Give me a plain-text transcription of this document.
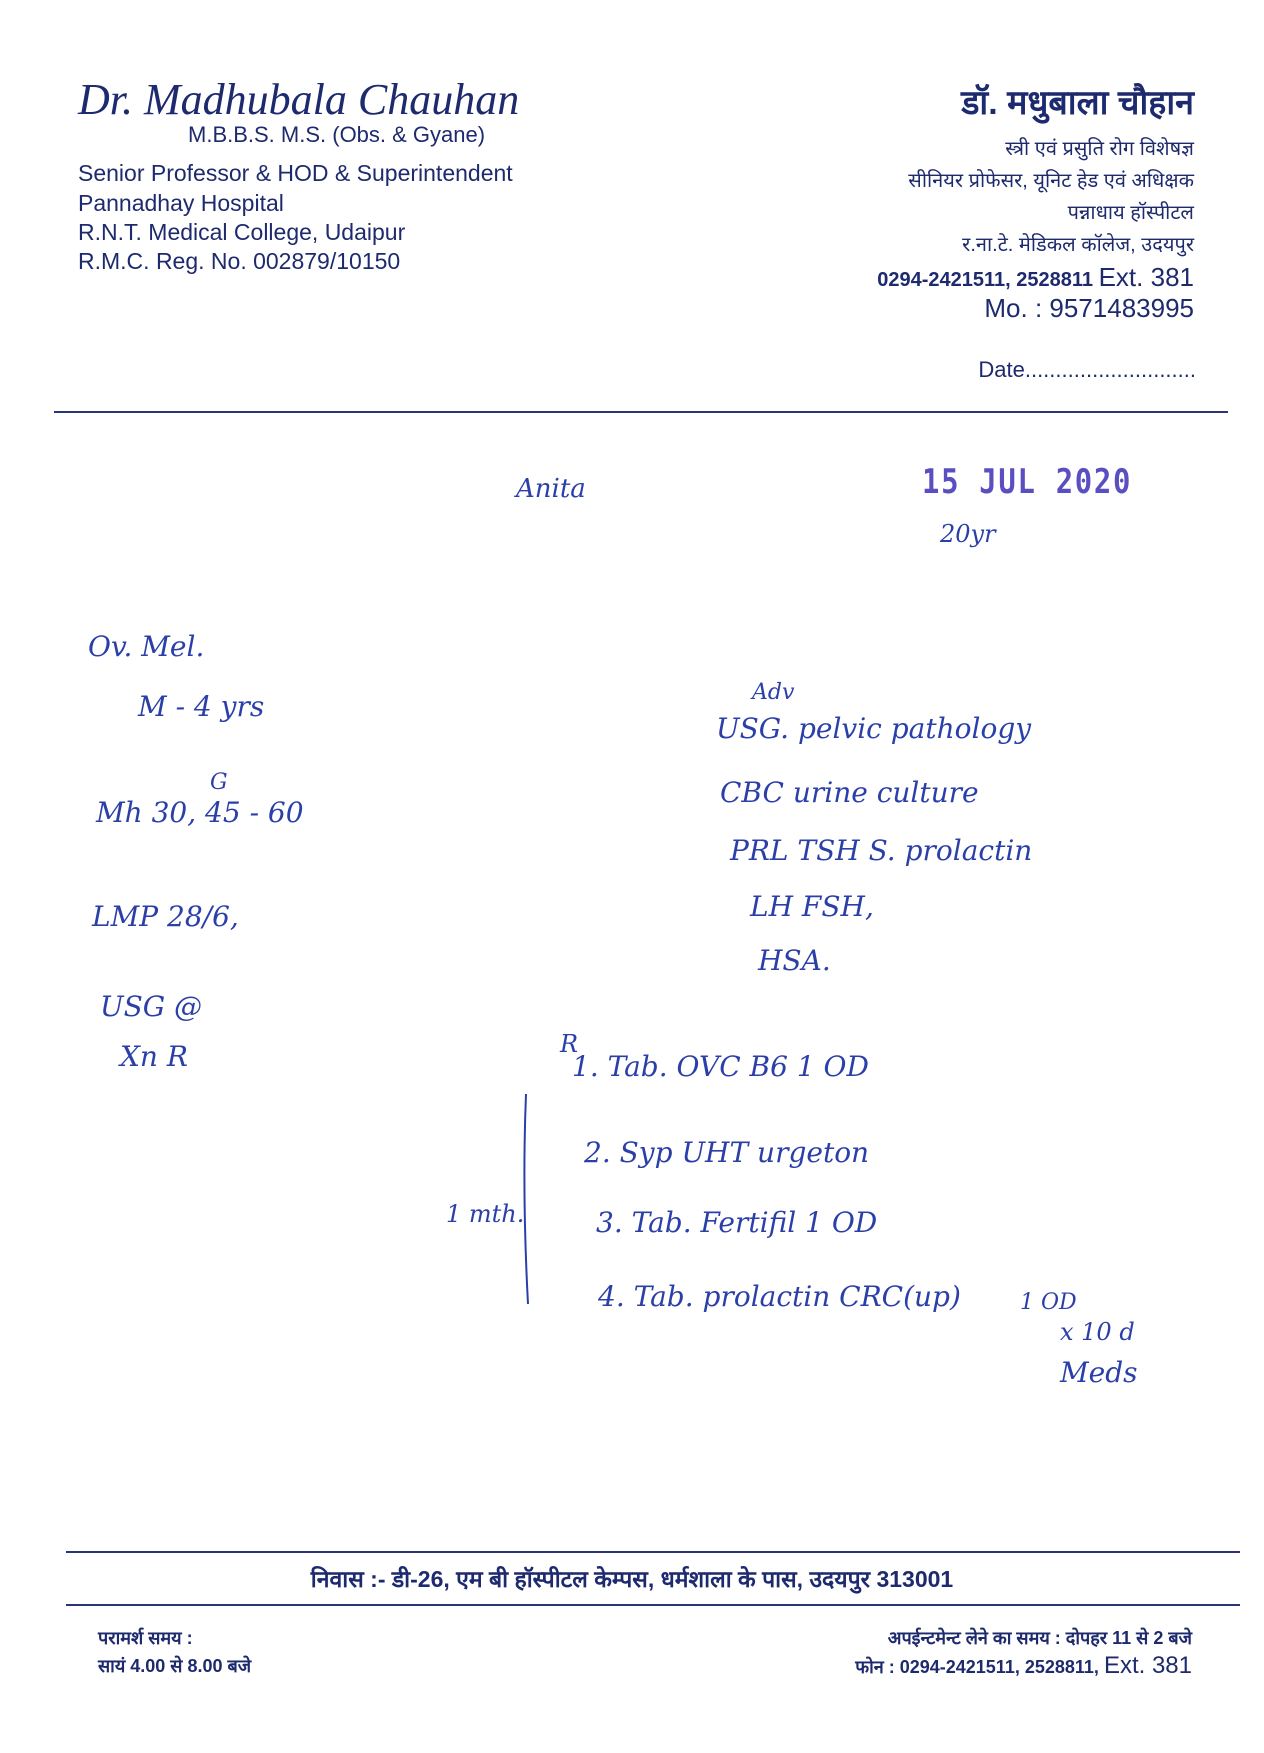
Dr. Madhubala Chauhan
M.B.B.S. M.S. (Obs. & Gyane)
Senior Professor & HOD & Superintendent
Pannadhay Hospital
R.N.T. Medical College, Udaipur
R.M.C. Reg. No. 002879/10150
डॉ. मधुबाला चौहान
स्त्री एवं प्रसुति रोग विशेषज्ञ
सीनियर प्रोफेसर, यूनिट हेड एवं अधिक्षक
पन्नाधाय हॉस्पीटल
र.ना.टे. मेडिकल कॉलेज, उदयपुर
0294-2421511, 2528811 Ext. 381
Mo. : 9571483995
Date............................
15 JUL 2020
Anita
20yr
Ov. Mel.
M - 4 yrs
G
Mh 30, 45 - 60
LMP 28/6,
USG @
Xn R
Adv
USG. pelvic pathology
CBC urine culture
PRL TSH S. prolactin
LH FSH,
HSA.
R
1. Tab. OVC B6 1 OD
2. Syp UHT urgeton
3. Tab. Fertifil 1 OD
4. Tab. prolactin CRC(up)	1 OD
x 10 d
Meds
1 mth.
निवास :- डी-26, एम बी हॉस्पीटल केम्पस, धर्मशाला के पास, उदयपुर 313001
परामर्श समय :
सायं 4.00 से 8.00 बजे
अपईन्टमेन्ट लेने का समय : दोपहर 11 से 2 बजे
फोन : 0294-2421511, 2528811, Ext. 381
